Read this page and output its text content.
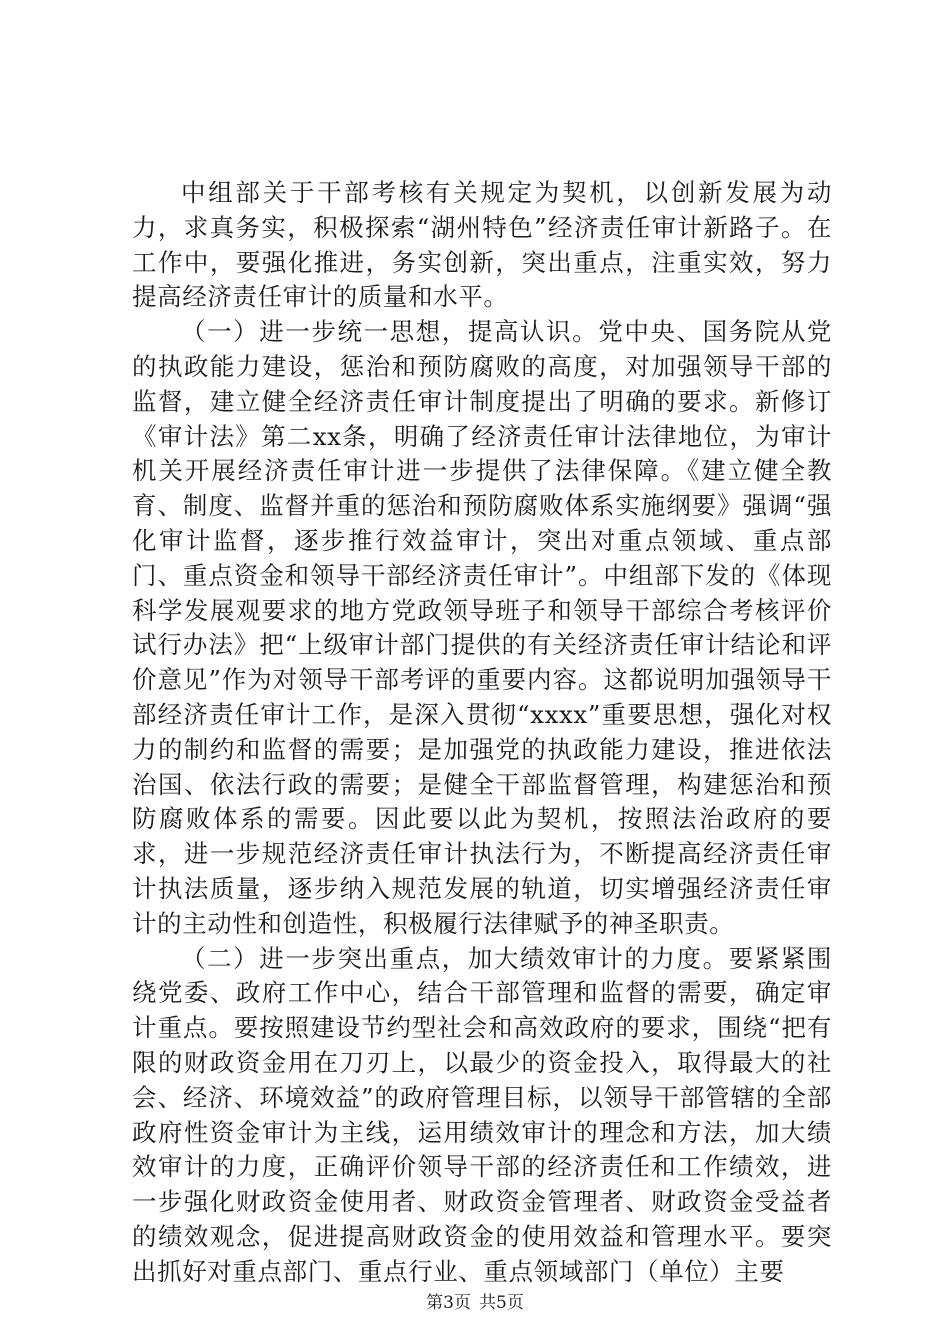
中组部关于干部考核有关规定为契机，以创新发展为动力，求真务实，积极探索“湖州特色”经济责任审计新路子。在工作中，要强化推进，务实创新，突出重点，注重实效，努力提高经济责任审计的质量和水平。

（一）进一步统一思想，提高认识。党中央、国务院从党的执政能力建设，惩治和预防腐败的高度，对加强领导干部的监督，建立健全经济责任审计制度提出了明确的要求。新修订《审计法》第二xx条，明确了经济责任审计法律地位，为审计机关开展经济责任审计进一步提供了法律保障。《建立健全教育、制度、监督并重的惩治和预防腐败体系实施纲要》强调“强化审计监督，逐步推行效益审计，突出对重点领域、重点部门、重点资金和领导干部经济责任审计”。中组部下发的《体现科学发展观要求的地方党政领导班子和领导干部综合考核评价试行办法》把“上级审计部门提供的有关经济责任审计结论和评价意见”作为对领导干部考评的重要内容。这都说明加强领导干部经济责任审计工作，是深入贯彻“xxxx”重要思想，强化对权力的制约和监督的需要；是加强党的执政能力建设，推进依法治国、依法行政的需要；是健全干部监督管理，构建惩治和预防腐败体系的需要。因此要以此为契机，按照法治政府的要求，进一步规范经济责任审计执法行为，不断提高经济责任审计执法质量，逐步纳入规范发展的轨道，切实增强经济责任审计的主动性和创造性，积极履行法律赋予的神圣职责。

（二）进一步突出重点，加大绩效审计的力度。要紧紧围绕党委、政府工作中心，结合干部管理和监督的需要，确定审计重点。要按照建设节约型社会和高效政府的要求，围绕“把有限的财政资金用在刀刃上，以最少的资金投入，取得最大的社会、经济、环境效益”的政府管理目标，以领导干部管辖的全部政府性资金审计为主线，运用绩效审计的理念和方法，加大绩效审计的力度，正确评价领导干部的经济责任和工作绩效，进一步强化财政资金使用者、财政资金管理者、财政资金受益者的绩效观念，促进提高财政资金的使用效益和管理水平。要突出抓好对重点部门、重点行业、重点领域部门（单位）主要

第3页 共5页
